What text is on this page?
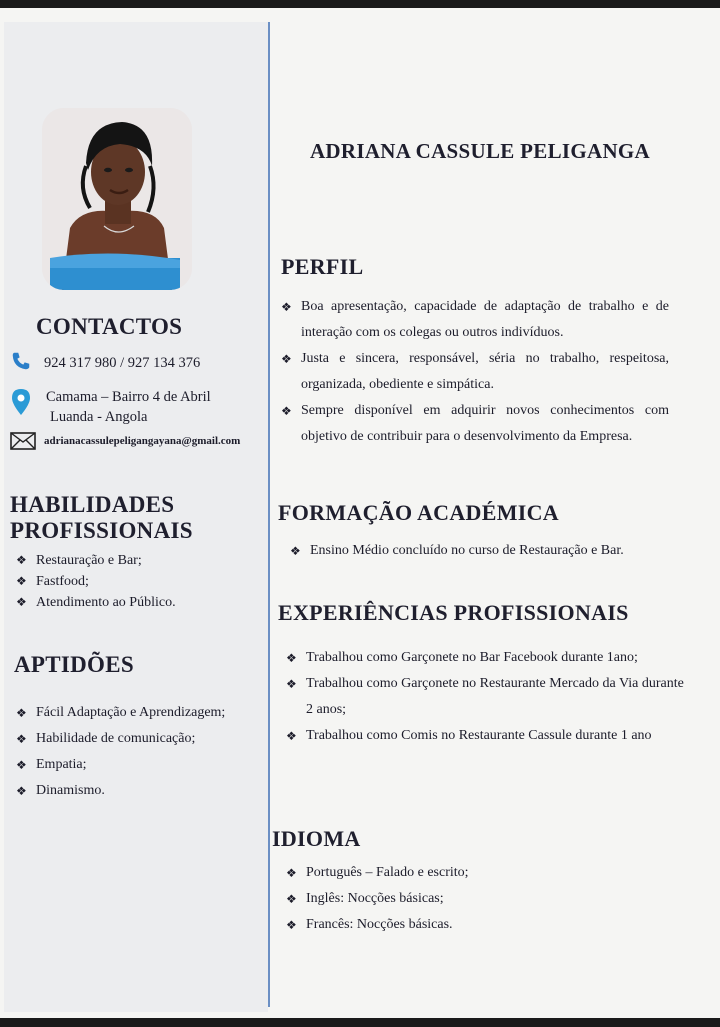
ADRIANA CASSULE PELIGANGA
CONTACTOS
924 317 980 / 927 134 376
Camama – Bairro 4 de Abril
Luanda - Angola
adrianacassulepeligangayana@gmail.com
HABILIDADES
PROFISSIONAIS
❖ Restauração e Bar;
❖ Fastfood;
❖ Atendimento ao Público.
APTIDÕES
❖ Fácil Adaptação e Aprendizagem;
❖ Habilidade de comunicação;
❖ Empatia;
❖ Dinamismo.
PERFIL
❖ Boa apresentação, capacidade de adaptação de trabalho e de interação com os colegas ou outros indivíduos.
❖ Justa e sincera, responsável, séria no trabalho, respeitosa, organizada, obediente e simpática.
❖ Sempre disponível em adquirir novos conhecimentos com objetivo de contribuir para o desenvolvimento da Empresa.
FORMAÇÃO ACADÉMICA
❖ Ensino Médio concluído no curso de Restauração e Bar.
EXPERIÊNCIAS PROFISSIONAIS
❖ Trabalhou como Garçonete no Bar Facebook durante 1ano;
❖ Trabalhou como Garçonete no Restaurante Mercado da Via durante 2 anos;
❖ Trabalhou como Comis no Restaurante Cassule durante 1 ano
IDIOMA
❖ Português – Falado e escrito;
❖ Inglês: Nocções básicas;
❖ Francês: Nocções básicas.
